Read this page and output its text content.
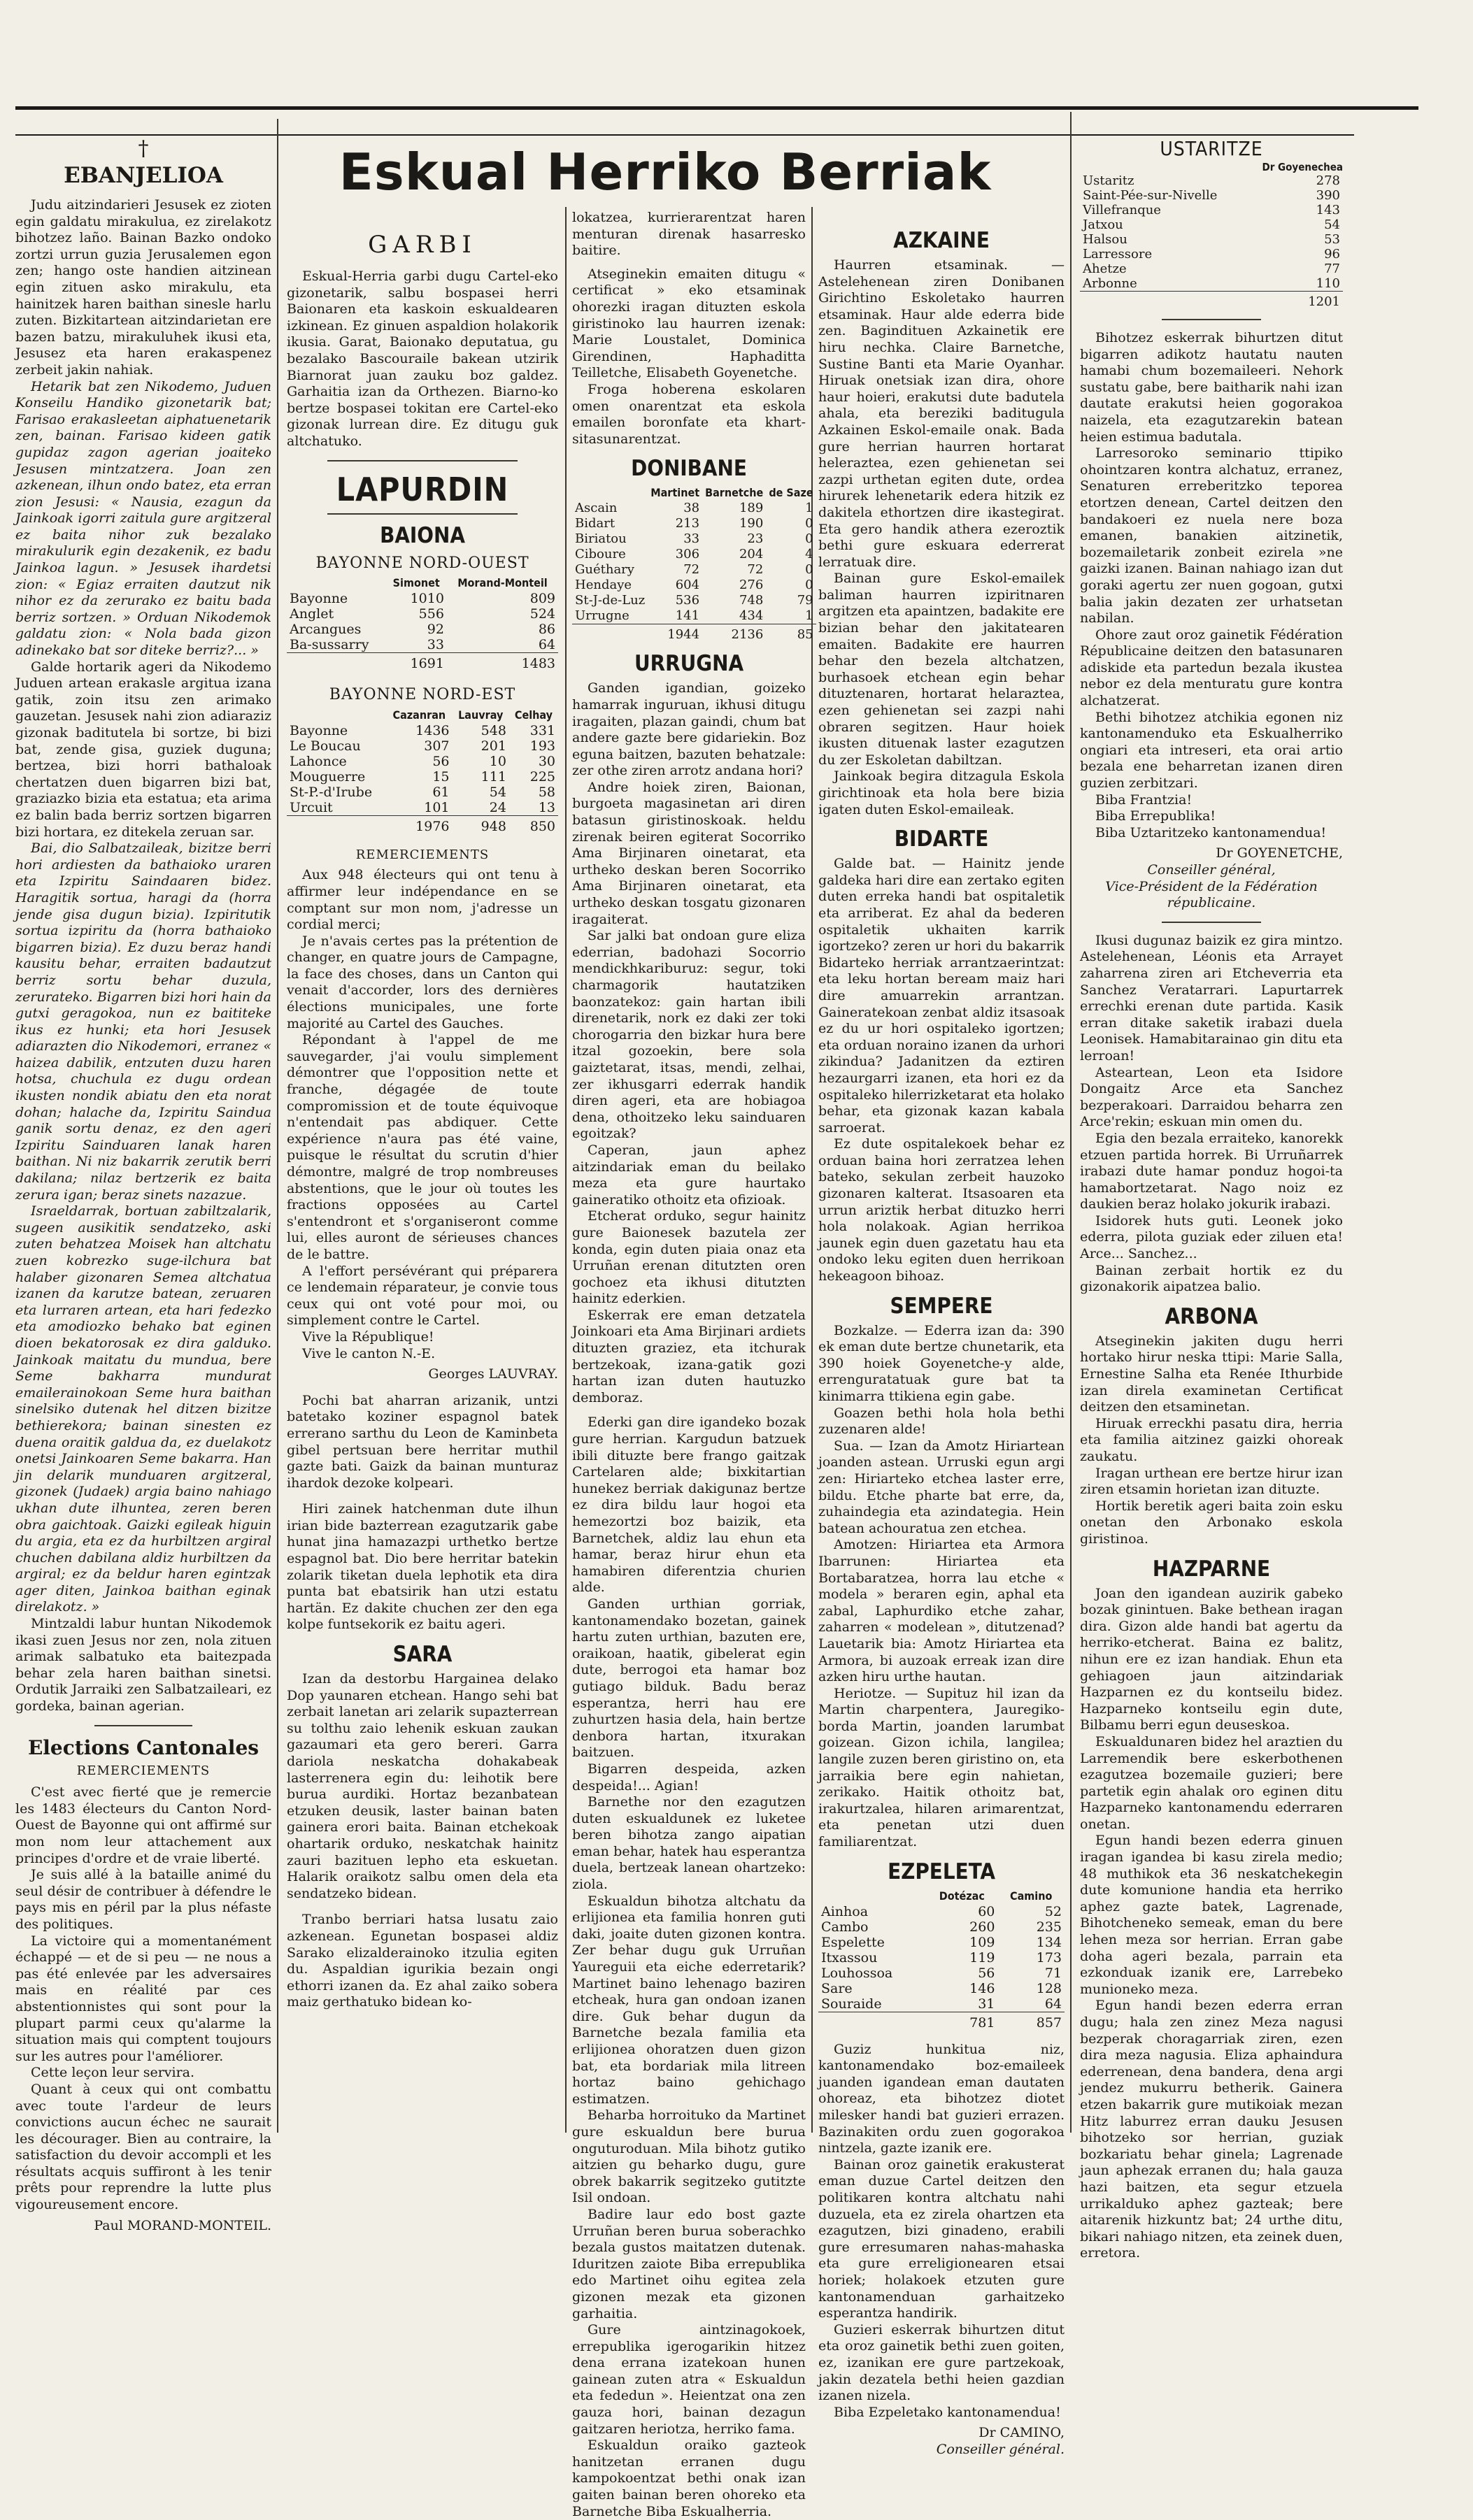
Eskual Herriko Berriak
†
EBANJELIOA

Judu aitzindarieri Jesusek ez zioten egin galdatu mirakulua, ez zirelakotz bihotzez laño. Bainan Bazko ondoko zortzi urrun guzia Jerusalemen egon zen; hango oste handien aitzinean egin zituen asko mirakulu, eta hainitzek haren baithan sinesle harlu zuten. Bizkitartean aitzindarietan ere bazen batzu, mirakuluhek ikusi eta, Jesusez eta haren erakaspenez zerbeit jakin nahiak.

Hetarik bat zen Nikodemo, Juduen Konseilu Handiko gizonetarik bat; Farisao erakasleetan aiphatuenetarik zen, bainan. Farisao kideen gatik gupidaz zagon agerian joaiteko Jesusen mintzatzera. Joan zen azkenean, ilhun ondo batez, eta erran zion Jesusi: « Nausia, ezagun da Jainkoak igorri zaitula gure argitzeral ez baita nihor zuk bezalako mirakulurik egin dezakenik, ez badu Jainkoa lagun. » Jesusek ihardetsi zion: « Egiaz erraiten dautzut nik nihor ez da zerurako ez baitu bada berriz sortzen. » Orduan Nikodemok galdatu zion: « Nola bada gizon adinekako bat sor diteke berriz?... »

Galde hortarik ageri da Nikodemo Juduen artean erakasle argitua izana gatik, zoin itsu zen arimako gauzetan. Jesusek nahi zion adiaraziz gizonak baditutela bi sortze, bi bizi bat, zende gisa, guziek duguna; bertzea, bizi horri bathaloak chertatzen duen bigarren bizi bat, graziazko bizia eta estatua; eta arima ez balin bada berriz sortzen bigarren bizi hortara, ez ditekela zeruan sar.

Bai, dio Salbatzaileak, bizitze berri hori ardiesten da bathaioko uraren eta Izpiritu Saindaaren bidez. Haragitik sortua, haragi da (horra jende gisa dugun bizia). Izpiritutik sortua izpiritu da (horra bathaioko bigarren bizia). Ez duzu beraz handi kausitu behar, erraiten badautzut berriz sortu behar duzula, zerurateko. Bigarren bizi hori hain da gutxi geragokoa, nun ez baititeke ikus ez hunki; eta hori Jesusek adiarazten dio Nikodemori, erranez « haizea dabilik, entzuten duzu haren hotsa, chuchula ez dugu ordean ikusten nondik abiatu den eta norat dohan; halache da, Izpiritu Saindua ganik sortu denaz, ez den ageri Izpiritu Sainduaren lanak haren baithan. Ni niz bakarrik zerutik berri dakilana; nilaz bertzerik ez baita zerura igan; beraz sinets nazazue.

Israeldarrak, bortuan zabiltzalarik, sugeen ausikitik sendatzeko, aski zuten behatzea Moisek han altchatu zuen kobrezko suge-ilchura bat halaber gizonaren Semea altchatua izanen da karutze batean, zeruaren eta lurraren artean, eta hari fedezko eta amodiozko behako bat eginen dioen bekatorosak ez dira galduko. Jainkoak maitatu du mundua, bere Seme bakharra mundurat emailerainokoan Seme hura baithan sinelsiko dutenak hel ditzen bizitze bethierekora; bainan sinesten ez duena oraitik galdua da, ez duelakotz onetsi Jainkoaren Seme bakarra. Han jin delarik munduaren argitzeral, gizonek (Judaek) argia baino nahiago ukhan dute ilhuntea, zeren beren obra gaichtoak. Gaizki egileak higuin du argia, eta ez da hurbiltzen argiral chuchen dabilana aldiz hurbiltzen da argiral; ez da beldur haren egintzak ager diten, Jainkoa baithan eginak direlakotz. »

Mintzaldi labur huntan Nikodemok ikasi zuen Jesus nor zen, nola zituen arimak salbatuko eta baitezpada behar zela haren baithan sinetsi. Ordutik Jarraiki zen Salbatzaileari, ez gordeka, bainan agerian.

Elections Cantonales
REMERCIEMENTS

C'est avec fierté que je remercie les 1483 électeurs du Canton Nord-Ouest de Bayonne qui ont affirmé sur mon nom leur attachement aux principes d'ordre et de vraie liberté.

Je suis allé à la bataille animé du seul désir de contribuer à défendre le pays mis en péril par la plus néfaste des politiques.

La victoire qui a momentanément échappé — et de si peu — ne nous a pas été enlevée par les adversaires mais en réalité par ces abstentionnistes qui sont pour la plupart parmi ceux qu'alarme la situation mais qui comptent toujours sur les autres pour l'améliorer.

Cette leçon leur servira.

Quant à ceux qui ont combattu avec toute l'ardeur de leurs convictions aucun échec ne saurait les décourager. Bien au contraire, la satisfaction du devoir accompli et les résultats acquis suffiront à les tenir prêts pour reprendre la lutte plus vigoureusement encore.

Paul MORAND-MONTEIL.
GARBI

Eskual-Herria garbi dugu Cartel-eko gizonetarik, salbu bospasei herri Baionaren eta kaskoin eskualdearen izkinean. Ez ginuen aspaldion holakorik ikusia. Garat, Baionako deputatua, gu bezalako Bascouraile bakean utzirik Biarnorat juan zauku boz galdez. Garhaitia izan da Orthezen. Biarno-ko bertze bospasei tokitan ere Cartel-eko gizonak lurrean dire. Ez ditugu guk altchatuko.

LAPURDIN
BAIONA
BAYONNE NORD-OUEST
	Simonet	Morand-Monteil
Bayonne	1010	809
Anglet	556	524
Arcangues	92	86
Ba-sussarry	33	64
	1691	1483
BAYONNE NORD-EST
	Cazanran	Lauvray	Celhay
Bayonne	1436	548	331
Le Boucau	307	201	193
Lahonce	56	10	30
Mouguerre	15	111	225
St-P.-d'Irube	61	54	58
Urcuit	101	24	13
	1976	948	850
REMERCIEMENTS

Aux 948 électeurs qui ont tenu à affirmer leur indépendance en se comptant sur mon nom, j'adresse un cordial merci;

Je n'avais certes pas la prétention de changer, en quatre jours de Campagne, la face des choses, dans un Canton qui venait d'accorder, lors des dernières élections municipales, une forte majorité au Cartel des Gauches.

Répondant à l'appel de me sauvegarder, j'ai voulu simplement démontrer que l'opposition nette et franche, dégagée de toute compromission et de toute équivoque n'entendait pas abdiquer. Cette expérience n'aura pas été vaine, puisque le résultat du scrutin d'hier démontre, malgré de trop nombreuses abstentions, que le jour où toutes les fractions opposées au Cartel s'entendront et s'organiseront comme lui, elles auront de sérieuses chances de le battre.

A l'effort persévérant qui préparera ce lendemain réparateur, je convie tous ceux qui ont voté pour moi, ou simplement contre le Cartel.

Vive la République!

Vive le canton N.-E.

Georges LAUVRAY.

Pochi bat aharran arizanik, untzi batetako koziner espagnol batek errerano sarthu du Leon de Kaminbeta gibel pertsuan bere herritar muthil gazte bati. Gaizk da bainan munturaz ihardok dezoke kolpeari.

Hiri zainek hatchenman dute ilhun irian bide bazterrean ezagutzarik gabe hunat jina hamazazpi urthetko bertze espagnol bat. Dio bere herritar batekin zolarik tiketan duela lephotik eta dira punta bat ebatsirik han utzi estatu hartän. Ez dakite chuchen zer den ega kolpe funtsekorik ez baitu ageri.

SARA

Izan da destorbu Hargainea delako Dop yaunaren etchean. Hango sehi bat zerbait lanetan ari zelarik supazterrean su tolthu zaio lehenik eskuan zaukan gazaumari eta gero bereri. Garra dariola neskatcha dohakabeak lasterrenera egin du: leihotik bere burua aurdiki. Hortaz bezanbatean etzuken deusik, laster bainan baten gainera erori baita. Bainan etchekoak ohartarik orduko, neskatchak hainitz zauri bazituen lepho eta eskuetan. Halarik oraikotz salbu omen dela eta sendatzeko bidean.

Tranbo berriari hatsa lusatu zaio azkenean. Egunetan bospasei aldiz Sarako elizalderainoko itzulia egiten du. Aspaldian igurikia bezain ongi ethorri izanen da. Ez ahal zaiko sobera maiz gerthatuko bidean ko-

lokatzea, kurrierarentzat haren menturan direnak hasarresko baitire.

Atseginekin emaiten ditugu « certificat » eko etsaminak ohorezki iragan dituzten eskola giristinoko lau haurren izenak: Marie Loustalet, Dominica Girendinen, Haphaditta Teilletche, Elisabeth Goyenetche.

Froga hoberena eskolaren omen onarentzat eta eskola emailen boronfate eta khart-sitasunarentzat.

DONIBANE
	Martinet	Barnetche	de Saze
Ascain	38	189	1
Bidart	213	190	0
Biriatou	33	23	0
Ciboure	306	204	4
Guéthary	72	72	0
Hendaye	604	276	0
St-J-de-Luz	536	748	79
Urrugne	141	434	1
	1944	2136	85
URRUGNA

Ganden igandian, goizeko hamarrak inguruan, ikhusi ditugu iragaiten, plazan gaindi, chum bat andere gazte bere gidariekin. Boz eguna baitzen, bazuten behatzale: zer othe ziren arrotz andana hori?

Andre hoiek ziren, Baionan, burgoeta magasinetan ari diren batasun giristinoskoak. heldu zirenak beiren egiterat Socorriko Ama Birjinaren oinetarat, eta urtheko deskan beren Socorriko Ama Birjinaren oinetarat, eta urtheko deskan tosgatu gizonaren iragaiterat.

Sar jalki bat ondoan gure eliza ederrian, badohazi Socorrio mendickhkariburuz: segur, toki charmagorik hautatziken baonzatekoz: gain hartan ibili direnetarik, nork ez daki zer toki chorogarria den bizkar hura bere itzal gozoekin, bere sola gaiztetarat, itsas, mendi, zelhai, zer ikhusgarri ederrak handik diren ageri, eta are hobiagoa dena, othoitzeko leku sainduaren egoitzak?

Caperan, jaun aphez aitzindariak eman du beilako meza eta gure haurtako gaineratiko othoitz eta ofizioak.

Etcherat orduko, segur hainitz gure Baionesek bazutela zer konda, egin duten piaia onaz eta Urruñan erenan ditutzten oren gochoez eta ikhusi ditutzten hainitz ederkien.

Eskerrak ere eman detzatela Joinkoari eta Ama Birjinari ardiets dituzten graziez, eta itchurak bertzekoak, izana-gatik gozi hartan izan duten hautuzko demboraz.

Ederki gan dire igandeko bozak gure herrian. Kargudun batzuek ibili dituzte bere frango gaitzak Cartelaren alde; bixkitartian hunekez berriak dakigunaz bertze ez dira bildu laur hogoi eta hemezortzi boz baizik, eta Barnetchek, aldiz lau ehun eta hamar, beraz hirur ehun eta hamabiren diferentzia churien alde.

Ganden urthian gorriak, kantonamendako bozetan, gainek hartu zuten urthian, bazuten ere, oraikoan, haatik, gibelerat egin dute, berrogoi eta hamar boz gutiago bilduk. Badu beraz esperantza, herri hau ere zuhurtzen hasia dela, hain bertze denbora hartan, itxurakan baitzuen.

Bigarren despeida, azken despeida!... Agian!

Barnethe nor den ezagutzen duten eskualdunek ez luketee beren bihotza zango aipatian eman behar, hatek hau esperantza duela, bertzeak lanean ohartzeko: ziola.

Eskualdun bihotza altchatu da erlijionea eta familia honren guti daki, joaite duten gizonen kontra. Zer behar dugu guk Urruñan Yaureguii eta eiche ederretarik? Martinet baino lehenago baziren etcheak, hura gan ondoan izanen dire. Guk behar dugun da Barnetche bezala familia eta erlijionea ohoratzen duen gizon bat, eta bordariak mila litreen hortaz baino gehichago estimatzen.

Beharba horroituko da Martinet gure eskualdun bere burua onguturoduan. Mila bihotz gutiko aitzien gu beharko dugu, gure obrek bakarrik segitzeko gutitzte Isil ondoan.

Badire laur edo bost gazte Urruñan beren burua soberachko bezala gustos maitatzen dutenak. Iduritzen zaiote Biba errepublika edo Martinet oihu egitea zela gizonen mezak eta gizonen garhaitia.

Gure aintzinagokoek, errepublika igerogarikin hitzez dena errana izatekoan hunen gainean zuten atra « Eskualdun eta fededun ». Heientzat ona zen gauza hori, bainan dezagun gaitzaren heriotza, herriko fama.

Eskualdun oraiko gazteok hanitzetan erranen dugu kampokoentzat bethi onak izan gaiten bainan beren ohoreko eta Barnetche Biba Eskualherria.

AZKAINE

Haurren etsaminak. — Astelehenean ziren Donibanen Girichtino Eskoletako haurren etsaminak. Haur alde ederra bide zen. Bagindituen Azkainetik ere hiru nechka. Claire Barnetche, Sustine Banti eta Marie Oyanhar. Hiruak onetsiak izan dira, ohore haur hoieri, erakutsi dute badutela ahala, eta bereziki baditugula Azkainen Eskol-emaile onak. Bada gure herrian haurren hortarat heleraztea, ezen gehienetan sei zazpi urthetan egiten dute, ordea hirurek lehenetarik edera hitzik ez dakitela ethortzen dire ikastegirat. Eta gero handik athera ezeroztik bethi gure eskuara ederrerat lerratuak dire.

Bainan gure Eskol-emailek baliman haurren izpiritnaren argitzen eta apaintzen, badakite ere bizian behar den jakitatearen emaiten. Badakite ere haurren behar den bezela altchatzen, burhasoek etchean egin behar dituztenaren, hortarat helaraztea, ezen gehienetan sei zazpi nahi obraren segitzen. Haur hoiek ikusten dituenak laster ezagutzen du zer Eskoletan dabiltzan.

Jainkoak begira ditzagula Eskola girichtinoak eta hola bere bizia igaten duten Eskol-emaileak.

BIDARTE

Galde bat. — Hainitz jende galdeka hari dire ean zertako egiten duten erreka handi bat ospitaletik eta arriberat. Ez ahal da bederen ospitaletik ukhaiten karrik igortzeko? zeren ur hori du bakarrik Bidarteko herriak arrantzaerintzat: eta leku hortan beream maiz hari dire amuarrekin arrantzan. Gaineratekoan zenbat aldiz itsasoak ez du ur hori ospitaleko igortzen; eta orduan noraino izanen da urhori zikindua? Jadanitzen da eztiren hezaurgarri izanen, eta hori ez da ospitaleko hilerrizketarat eta holako behar, eta gizonak kazan kabala sarroerat.

Ez dute ospitalekoek behar ez orduan baina hori zerratzea lehen bateko, sekulan zerbeit hauzoko gizonaren kalterat. Itsasoaren eta urrun ariztik herbat dituzko herri hola nolakoak. Agian herrikoa jaunek egin duen gazetatu hau eta ondoko leku egiten duen herrikoan hekeagoon bihoaz.

SEMPERE

Bozkalze. — Ederra izan da: 390 ek eman dute bertze chunetarik, eta 390 hoiek Goyenetche-y alde, errenguratatuak gure bat ta kinimarra ttikiena egin gabe.

Goazen bethi hola hola bethi zuzenaren alde!

Sua. — Izan da Amotz Hiriartean joanden astean. Urruski egun argi zen: Hiriarteko etchea laster erre, bildu. Etche pharte bat erre, da, zuhaindegia eta azindategia. Hein batean achouratua zen etchea.

Amotzen: Hiriartea eta Armora Ibarrunen: Hiriartea eta Bortabaratzea, horra lau etche « modela » beraren egin, aphal eta zabal, Laphurdiko etche zahar, zaharren « modelean », ditutzenad? Lauetarik bia: Amotz Hiriartea eta Armora, bi auzoak erreak izan dire azken hiru urthe hautan.

Heriotze. — Supituz hil izan da Martin charpentera, Jauregiko-borda Martin, joanden larumbat goizean. Gizon ichila, langilea; langile zuzen beren giristino on, eta jarraikia bere egin nahietan, zerikako. Haitik othoitz bat, irakurtzalea, hilaren arimarentzat, eta penetan utzi duen familiarentzat.

EZPELETA
	Dotézac	Camino
Ainhoa	60	52
Cambo	260	235
Espelette	109	134
Itxassou	119	173
Louhossoa	56	71
Sare	146	128
Souraide	31	64
	781	857

Guziz hunkitua niz, kantonamendako boz-emaileek juanden igandean eman dautaten ohoreaz, eta bihotzez diotet milesker handi bat guzieri errazen. Bazinakiten ordu zuen gogorakoa nintzela, gazte izanik ere.

Bainan oroz gainetik erakusterat eman duzue Cartel deitzen den politikaren kontra altchatu nahi duzuela, eta ez zirela ohartzen eta ezagutzen, bizi ginadeno, erabili gure erresumaren nahas-mahaska eta gure erreligionearen etsai horiek; holakoek etzuten gure kantonamenduan garhaitzeko esperantza handirik.

Guzieri eskerrak bihurtzen ditut eta oroz gainetik bethi zuen goiten, ez, izanikan ere gure partzekoak, jakin dezatela bethi heien gazdian izanen nizela.

Biba Ezpeletako kantonamendua!

Dr CAMINO,
Conseiller général.
USTARITZE
Dr Goyenechea
Ustaritz	278
Saint-Pée-sur-Nivelle	390
Villefranque	143
Jatxou	54
Halsou	53
Larressore	96
Ahetze	77
Arbonne	110
	1201

Bihotzez eskerrak bihurtzen ditut bigarren adikotz hautatu nauten hamabi chum bozemaileeri. Nehork sustatu gabe, bere baitharik nahi izan dautate erakutsi heien gogorakoa naizela, eta ezagutzarekin batean heien estimua badutala.

Larresoroko seminario ttipiko ohointzaren kontra alchatuz, erranez, Senaturen erreberitzko teporea etortzen denean, Cartel deitzen den bandakoeri ez nuela nere boza emanen, banakien aitzinetik, bozemailetarik zonbeit ezirela »ne gaizki izanen. Bainan nahiago izan dut goraki agertu zer nuen gogoan, gutxi balia jakin dezaten zer urhatsetan nabilan.

Ohore zaut oroz gainetik Fédération Républicaine deitzen den batasunaren adiskide eta partedun bezala ikustea nebor ez dela menturatu gure kontra alchatzerat.

Bethi bihotzez atchikia egonen niz kantonamenduko eta Eskualherriko ongiari eta intreseri, eta orai artio bezala ene beharretan izanen diren guzien zerbitzari.

Biba Frantzia!

Biba Errepublika!

Biba Uztaritzeko kantonamendua!

Dr GOYENETCHE,
Conseiller général,
Vice-Président de la Fédération républicaine.

Ikusi dugunaz baizik ez gira mintzo. Astelehenean, Léonis eta Arrayet zaharrena ziren ari Etcheverria eta Sanchez Veratarrari. Lapurtarrek errechki erenan dute partida. Kasik erran ditake saketik irabazi duela Leonisek. Hamabitarainao gin ditu eta lerroan!

Asteartean, Leon eta Isidore Dongaitz Arce eta Sanchez bezperakoari. Darraidou beharra zen Arce'rekin; eskuan min omen du.

Egia den bezala erraiteko, kanorekk etzuen partida horrek. Bi Urruñarrek irabazi dute hamar ponduz hogoi-ta hamabortzetarat. Nago noiz ez daukien beraz holako jokurik irabazi.

Isidorek huts guti. Leonek joko ederra, pilota guziak eder ziluen eta! Arce... Sanchez...

Bainan zerbait hortik ez du gizonakorik aipatzea balio.

ARBONA

Atseginekin jakiten dugu herri hortako hirur neska ttipi: Marie Salla, Ernestine Salha eta Renée Ithurbide izan direla examinetan Certificat deitzen den etsaminetan.

Hiruak erreckhi pasatu dira, herria eta familia aitzinez gaizki ohoreak zaukatu.

Iragan urthean ere bertze hirur izan ziren etsamin horietan izan dituzte.

Hortik beretik ageri baita zoin esku onetan den Arbonako eskola giristinoa.

HAZPARNE

Joan den igandean auzirik gabeko bozak ginintuen. Bake bethean iragan dira. Gizon alde handi bat agertu da herriko-etcherat. Baina ez balitz, nihun ere ez izan handiak. Ehun eta gehiagoen jaun aitzindariak Hazparnen ez du kontseilu bidez. Hazparneko kontseilu egin dute, Bilbamu berri egun deuseskoa.

Eskualdunaren bidez hel araztien du Larremendik bere eskerbothenen ezagutzea bozemaile guzieri; bere partetik egin ahalak oro eginen ditu Hazparneko kantonamendu ederraren onetan.

Egun handi bezen ederra ginuen iragan igandea bi kasu zirela medio; 48 muthikok eta 36 neskatchekegin dute komunione handia eta herriko aphez gazte batek, Lagrenade, Bihotcheneko semeak, eman du bere lehen meza sor herrian. Erran gabe doha ageri bezala, parrain eta ezkonduak izanik ere, Larrebeko munioneko meza.

Egun handi bezen ederra erran dugu; hala zen zinez Meza nagusi bezperak choragarriak ziren, ezen dira meza nagusia. Eliza aphaindura ederrenean, dena bandera, dena argi jendez mukurru betherik. Gainera etzen bakarrik gure mutikoiak mezan Hitz laburrez erran dauku Jesusen bihotzeko sor herrian, guziak bozkariatu behar ginela; Lagrenade jaun aphezak erranen du; hala gauza hazi baitzen, eta segur etzuela urrikalduko aphez gazteak; bere aitarenik hizkuntz bat; 24 urthe ditu, bikari nahiago nitzen, eta zeinek duen, erretora.
